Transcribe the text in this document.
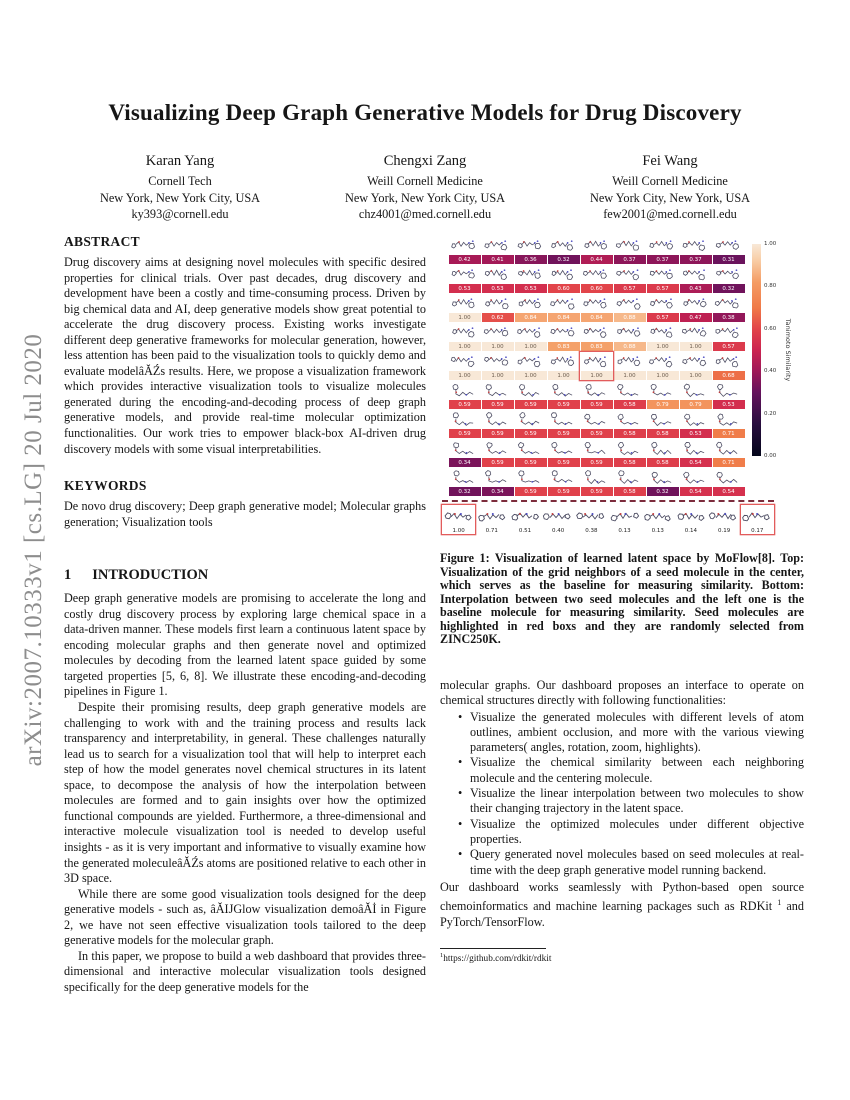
arXiv:2007.10333v1 [cs.LG] 20 Jul 2020
Visualizing Deep Graph Generative Models for Drug Discovery
Karan Yang
Cornell Tech
New York, New York City, USA
ky393@cornell.edu
Chengxi Zang
Weill Cornell Medicine
New York, New York City, USA
chz4001@med.cornell.edu
Fei Wang
Weill Cornell Medicine
New York City, New York, USA
few2001@med.cornell.edu
ABSTRACT

Drug discovery aims at designing novel molecules with specific desired properties for clinical trials. Over past decades, drug discovery and development have been a costly and time-consuming process. Driven by big chemical data and AI, deep generative models show great potential to accelerate the drug discovery process. Existing works investigate different deep generative frameworks for molecular generation, however, less attention has been paid to the visualization tools to quickly demo and evaluate modelâĂŹs results. Here, we propose a visualization framework which provides interactive visualization tools to visualize molecules generated during the encoding-and-decoding process of deep graph generative models, and provide real-time molecular optimization functionalities. Our work tries to empower black-box AI-driven drug discovery models with some visual interpretabilities.

KEYWORDS

De novo drug discovery; Deep graph generative model; Molecular graphs generation; Visualization tools

1 INTRODUCTION

Deep graph generative models are promising to accelerate the long and costly drug discovery process by exploring large chemical space in a data-driven manner. These models first learn a continuous latent space by encoding molecular graphs and then generate novel and optimized molecules by decoding from the learned latent space guided by some targeted properties [5, 6, 8]. We illustrate these encoding-and-decoding pipelines in Figure 1.

Despite their promising results, deep graph generative models are challenging to work with and the training process and results lack transparency and interpretability, in general. These challenges naturally lead us to search for a visualization tool that will help to interpret each step of how the model generates novel chemical structures in its latent space, to decompose the analysis of how the interpolation between molecules are formed and to gain insights over how the optimized functional compounds are yielded. Furthermore, a three-dimensional and interactive molecule visualization tool is needed to develop useful insights - as it is very important and informative to visually examine how the generated moleculeâĂŹs atoms are positioned relative to each other in 3D space.

While there are some good visualization tools designed for the deep generative models - such as, âĂIJGlow visualization demoâĂİ in Figure 2, we have not seen effective visualization tools tailored to the deep generative models for the molecular graph.

In this paper, we propose to build a web dashboard that provides three-dimensional and interactive molecular visualization tools designed specifically for the deep generative models for the

0.42	0.41	0.36	0.32	0.44	0.37	0.37	0.37	0.31
0.53	0.53	0.53	0.60	0.60	0.57	0.57	0.43	0.32
1.00	0.62	0.84	0.84	0.84	0.88	0.57	0.47	0.38
1.00	1.00	1.00	0.83	0.83	0.88	1.00	1.00	0.57
1.00	1.00	1.00	1.00	1.00	1.00	1.00	1.00	0.68
0.59	0.59	0.59	0.59	0.59	0.58	0.79	0.79	0.53
0.59	0.59	0.59	0.59	0.59	0.58	0.58	0.53	0.71
0.34	0.59	0.59	0.59	0.59	0.58	0.58	0.54	0.71
0.32	0.34	0.59	0.59	0.59	0.58	0.32	0.54	0.54
1.00	0.71	0.51	0.40	0.38	0.13	0.13	0.14	0.19	0.17
1.00
0.80
0.60
0.40
0.20
0.00
Tanimoto Similarity

Figure 1: Visualization of learned latent space by MoFlow[8]. Top: Visualization of the grid neighbors of a seed molecule in the center, which serves as the baseline for measuring similarity. Bottom: Interpolation between two seed molecules and the left one is the baseline molecule for measuring similarity. Seed molecules are highlighted in red boxs and they are randomly selected from ZINC250K.

molecular graphs. Our dashboard proposes an interface to operate on chemical structures directly with following functionalities:

• Visualize the generated molecules with different levels of atom outlines, ambient occlusion, and more with the various viewing parameters( angles, rotation, zoom, highlights).
• Visualize the chemical similarity between each neighboring molecule and the centering molecule.
• Visualize the linear interpolation between two molecules to show their changing trajectory in the latent space.
• Visualize the optimized molecules under different objective properties.
• Query generated novel molecules based on seed molecules at real-time with the deep graph generative model running backend.

Our dashboard works seamlessly with Python-based open source chemoinformatics and machine learning packages such as RDKit $^1$ and PyTorch/TensorFlow.

$^1$https://github.com/rdkit/rdkit
